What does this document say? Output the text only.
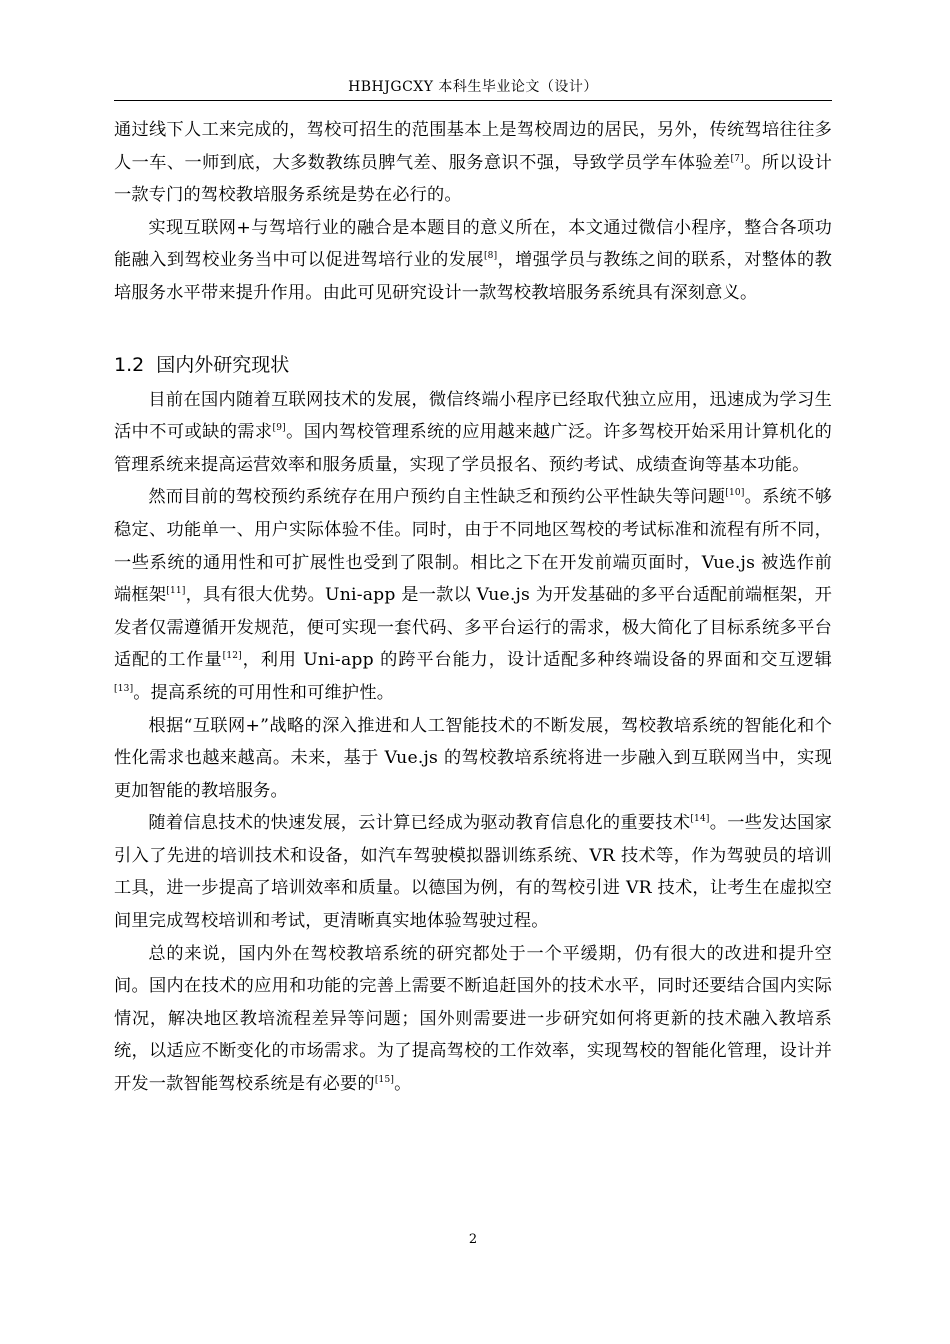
HBHJGCXY 本科生毕业论文（设计）

通过线下人工来完成的，驾校可招生的范围基本上是驾校周边的居民，另外，传统驾培往往多人一车、一师到底，大多数教练员脾气差、服务意识不强，导致学员学车体验差[7]。所以设计一款专门的驾校教培服务系统是势在必行的。

实现互联网+与驾培行业的融合是本题目的意义所在，本文通过微信小程序，整合各项功能融入到驾校业务当中可以促进驾培行业的发展[8]，增强学员与教练之间的联系，对整体的教培服务水平带来提升作用。由此可见研究设计一款驾校教培服务系统具有深刻意义。

1.2 国内外研究现状

目前在国内随着互联网技术的发展，微信终端小程序已经取代独立应用，迅速成为学习生活中不可或缺的需求[9]。国内驾校管理系统的应用越来越广泛。许多驾校开始采用计算机化的管理系统来提高运营效率和服务质量，实现了学员报名、预约考试、成绩查询等基本功能。

然而目前的驾校预约系统存在用户预约自主性缺乏和预约公平性缺失等问题[10]。系统不够稳定、功能单一、用户实际体验不佳。同时，由于不同地区驾校的考试标准和流程有所不同，一些系统的通用性和可扩展性也受到了限制。相比之下在开发前端页面时，Vue.js 被选作前端框架[11]，具有很大优势。Uni-app 是一款以 Vue.js 为开发基础的多平台适配前端框架，开发者仅需遵循开发规范，便可实现一套代码、多平台运行的需求，极大简化了目标系统多平台适配的工作量[12]，利用 Uni-app 的跨平台能力，设计适配多种终端设备的界面和交互逻辑[13]。提高系统的可用性和可维护性。

根据“互联网+”战略的深入推进和人工智能技术的不断发展，驾校教培系统的智能化和个性化需求也越来越高。未来，基于 Vue.js 的驾校教培系统将进一步融入到互联网当中，实现更加智能的教培服务。

随着信息技术的快速发展，云计算已经成为驱动教育信息化的重要技术[14]。一些发达国家引入了先进的培训技术和设备，如汽车驾驶模拟器训练系统、VR 技术等，作为驾驶员的培训工具，进一步提高了培训效率和质量。以德国为例，有的驾校引进 VR 技术，让考生在虚拟空间里完成驾校培训和考试，更清晰真实地体验驾驶过程。

总的来说，国内外在驾校教培系统的研究都处于一个平缓期，仍有很大的改进和提升空间。国内在技术的应用和功能的完善上需要不断追赶国外的技术水平，同时还要结合国内实际情况，解决地区教培流程差异等问题；国外则需要进一步研究如何将更新的技术融入教培系统，以适应不断变化的市场需求。为了提高驾校的工作效率，实现驾校的智能化管理，设计并开发一款智能驾校系统是有必要的[15]。

2
